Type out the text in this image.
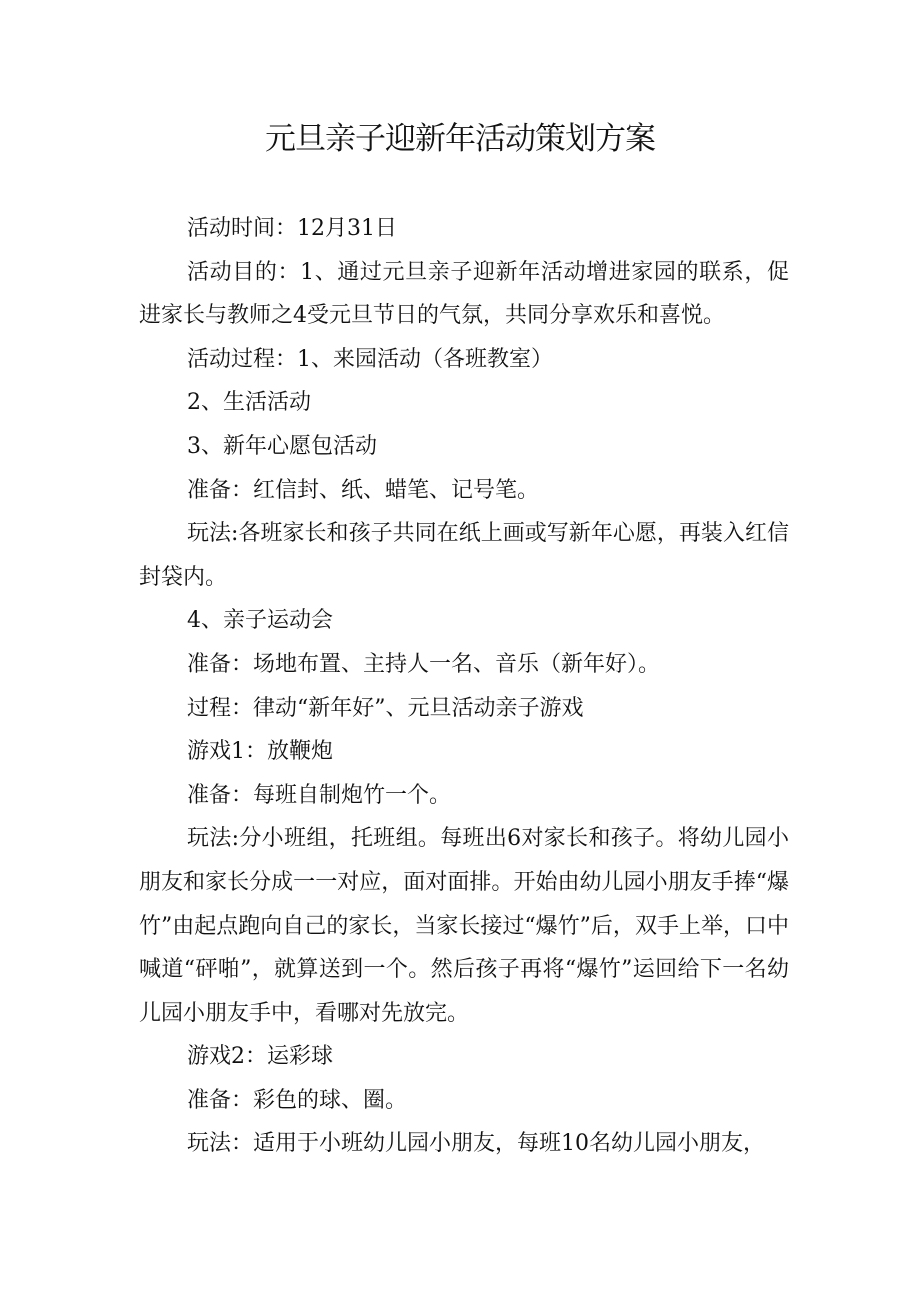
元旦亲子迎新年活动策划方案

活动时间：12月31日

活动目的：1、通过元旦亲子迎新年活动增进家园的联系，促进家长与教师之4受元旦节日的气氛，共同分享欢乐和喜悦。

活动过程：1、来园活动（各班教室）

2、生活活动

3、新年心愿包活动

准备：红信封、纸、蜡笔、记号笔。

玩法:各班家长和孩子共同在纸上画或写新年心愿，再装入红信封袋内。

4、亲子运动会

准备：场地布置、主持人一名、音乐（新年好）。

过程：律动“新年好”、元旦活动亲子游戏

游戏1：放鞭炮

准备：每班自制炮竹一个。

玩法:分小班组，托班组。每班出6对家长和孩子。将幼儿园小朋友和家长分成一一对应，面对面排。开始由幼儿园小朋友手捧“爆竹”由起点跑向自己的家长，当家长接过“爆竹”后，双手上举，口中喊道“砰啪”，就算送到一个。然后孩子再将“爆竹”运回给下一名幼儿园小朋友手中，看哪对先放完。

游戏2：运彩球

准备：彩色的球、圈。

玩法：适用于小班幼儿园小朋友，每班10名幼儿园小朋友，
